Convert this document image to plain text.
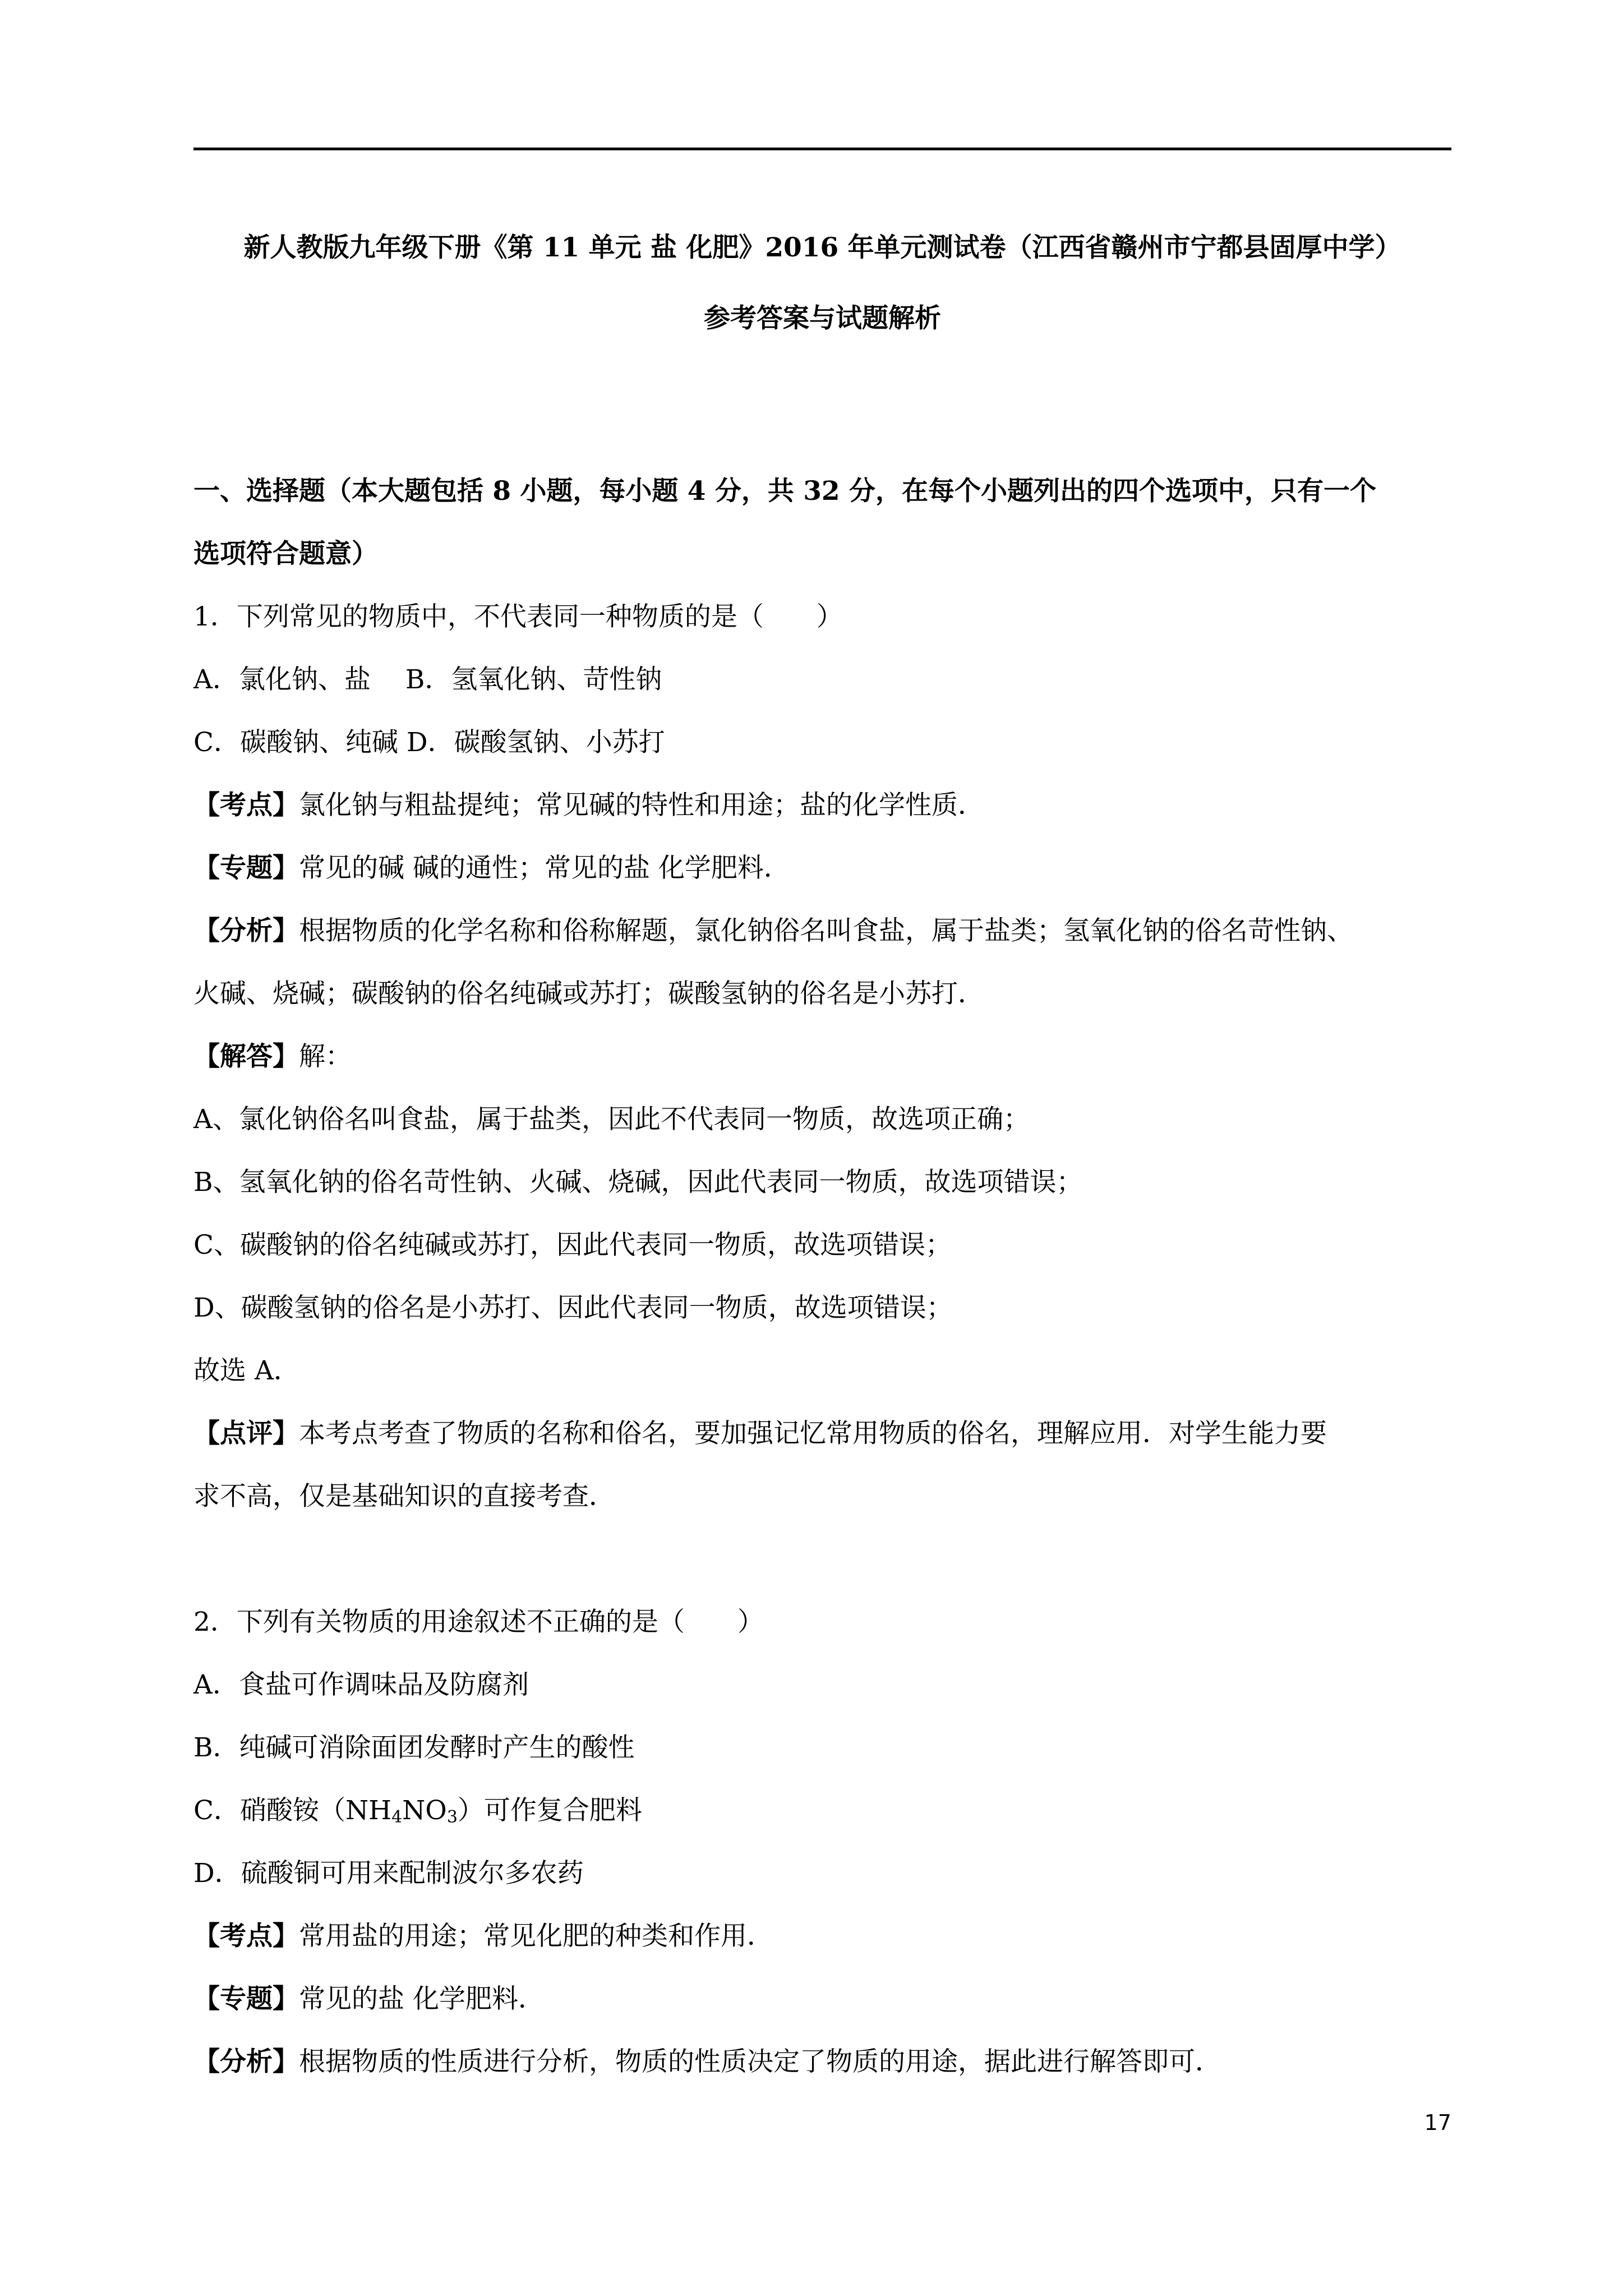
新人教版九年级下册《第 11 单元 盐 化肥》2016 年单元测试卷（江西省赣州市宁都县固厚中学）
参考答案与试题解析

一、选择题（本大题包括 8 小题，每小题 4 分，共 32 分，在每个小题列出的四个选项中，只有一个
选项符合题意）

1．下列常见的物质中，不代表同一种物质的是（　　）

A．氯化钠、盐　 B．氢氧化钠、苛性钠

C．碳酸钠、纯碱 D．碳酸氢钠、小苏打

【考点】氯化钠与粗盐提纯；常见碱的特性和用途；盐的化学性质．

【专题】常见的碱 碱的通性；常见的盐 化学肥料．

【分析】根据物质的化学名称和俗称解题，氯化钠俗名叫食盐，属于盐类；氢氧化钠的俗名苛性钠、
火碱、烧碱；碳酸钠的俗名纯碱或苏打；碳酸氢钠的俗名是小苏打．

【解答】解：

A、氯化钠俗名叫食盐，属于盐类，因此不代表同一物质，故选项正确；

B、氢氧化钠的俗名苛性钠、火碱、烧碱，因此代表同一物质，故选项错误；

C、碳酸钠的俗名纯碱或苏打，因此代表同一物质，故选项错误；

D、碳酸氢钠的俗名是小苏打、因此代表同一物质，故选项错误；

故选 A．

【点评】本考点考查了物质的名称和俗名，要加强记忆常用物质的俗名，理解应用．对学生能力要
求不高，仅是基础知识的直接考查．

2．下列有关物质的用途叙述不正确的是（　　）

A．食盐可作调味品及防腐剂

B．纯碱可消除面团发酵时产生的酸性

C．硝酸铵$(NH_4NO_3)$可作复合肥料

D．硫酸铜可用来配制波尔多农药

【考点】常用盐的用途；常见化肥的种类和作用．

【专题】常见的盐 化学肥料．

【分析】根据物质的性质进行分析，物质的性质决定了物质的用途，据此进行解答即可．

17
